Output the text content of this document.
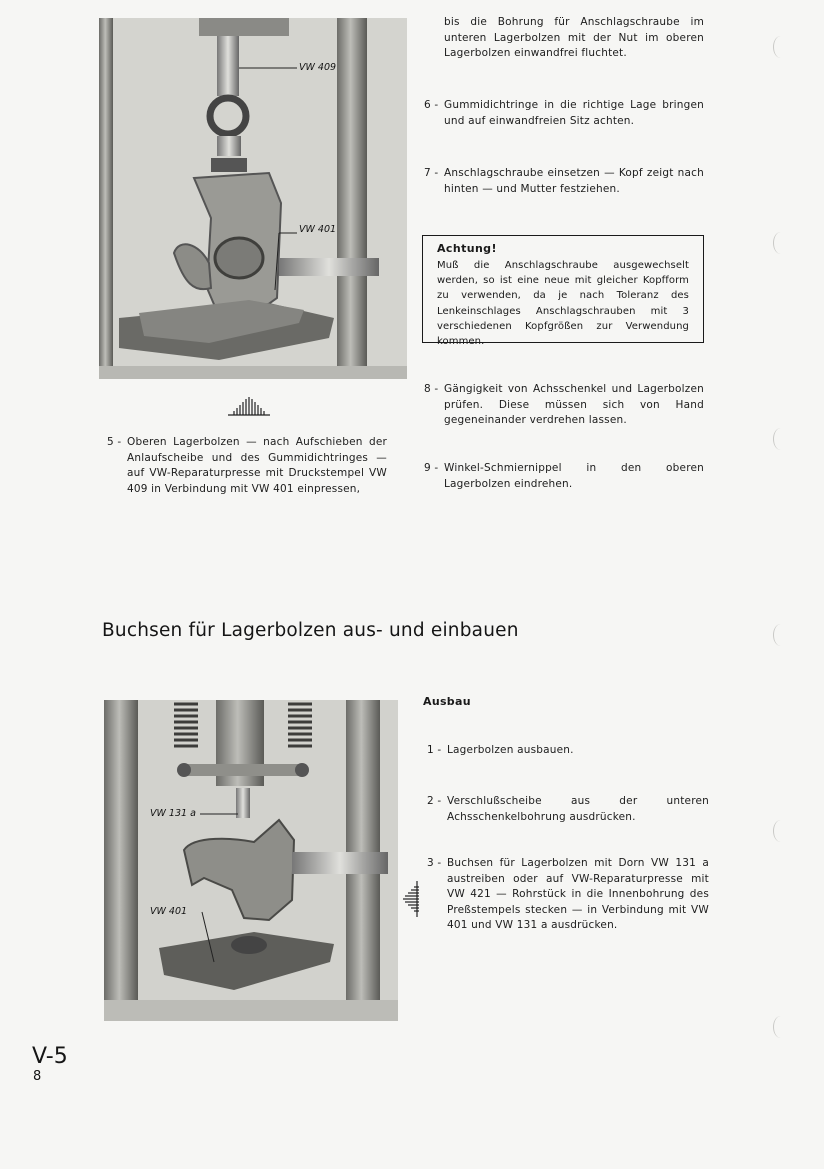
VW 409
VW 401
5 - Oberen Lagerbolzen — nach Aufschieben der Anlaufscheibe und des Gummidichtringes — auf VW-Reparaturpresse mit Druckstempel VW 409 in Verbindung mit VW 401 einpressen,
bis die Bohrung für Anschlagschraube im unteren Lagerbolzen mit der Nut im oberen Lagerbolzen einwandfrei fluchtet.
6 - Gummidichtringe in die richtige Lage bringen und auf einwandfreien Sitz achten.
7 - Anschlagschraube einsetzen — Kopf zeigt nach hinten — und Mutter festziehen.
Achtung!
Muß die Anschlagschraube ausgewechselt werden, so ist eine neue mit gleicher Kopfform zu verwenden, da je nach Toleranz des Lenkeinschlages Anschlagschrauben mit 3 verschiedenen Kopfgrößen zur Verwendung kommen.
8 - Gängigkeit von Achsschenkel und Lagerbolzen prüfen. Diese müssen sich von Hand gegeneinander verdrehen lassen.
9 - Winkel-Schmiernippel in den oberen Lagerbolzen eindrehen.
Buchsen für Lagerbolzen aus- und einbauen
VW 131 a
VW 401
Ausbau
1 - Lagerbolzen ausbauen.
2 - Verschlußscheibe aus der unteren Achsschenkelbohrung ausdrücken.
3 - Buchsen für Lagerbolzen mit Dorn VW 131 a austreiben oder auf VW-Reparaturpresse mit VW 421 — Rohrstück in die Innenbohrung des Preßstempels stecken — in Verbindung mit VW 401 und VW 131 a ausdrücken.
V-5
8
